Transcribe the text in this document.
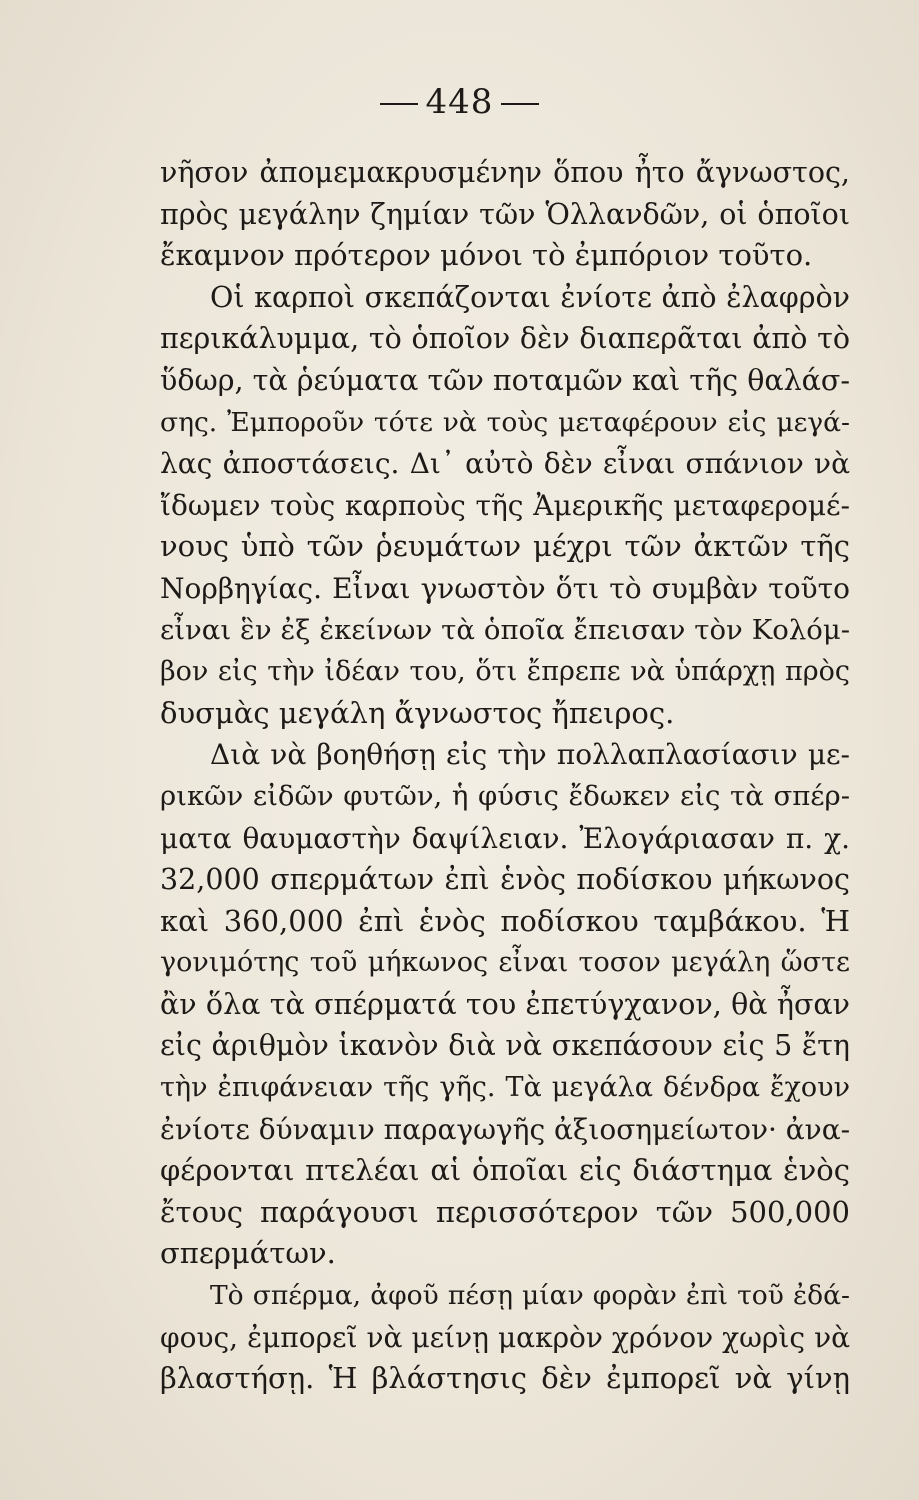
448
νῆσον ἀπομεμακρυσμένην ὅπου ἦτο ἄγνωστος,
πρὸς μεγάλην ζημίαν τῶν Ὁλλανδῶν, οἱ ὁποῖοι
ἔκαμνον πρότερον μόνοι τὸ ἐμπόριον τοῦτο.
Οἱ καρποὶ σκεπάζονται ἐνίοτε ἀπὸ ἐλαφρὸν
περικάλυμμα, τὸ ὁποῖον δὲν διαπερᾶται ἀπὸ τὸ
ὕδωρ, τὰ ῥεύματα τῶν ποταμῶν καὶ τῆς θαλάσ-
σης. Ἐμποροῦν τότε νὰ τοὺς μεταφέρουν εἰς μεγά-
λας ἀποστάσεις. Δι᾽ αὐτὸ δὲν εἶναι σπάνιον νὰ
ἴδωμεν τοὺς καρποὺς τῆς Ἀμερικῆς μεταφερομέ-
νους ὑπὸ τῶν ῥευμάτων μέχρι τῶν ἀκτῶν τῆς
Νορβηγίας. Εἶναι γνωστὸν ὅτι τὸ συμβὰν τοῦτο
εἶναι ἓν ἐξ ἐκείνων τὰ ὁποῖα ἔπεισαν τὸν Κολόμ-
βον εἰς τὴν ἰδέαν του, ὅτι ἔπρεπε νὰ ὑπάρχῃ πρὸς
δυσμὰς μεγάλη ἄγνωστος ἤπειρος.
Διὰ νὰ βοηθήσῃ εἰς τὴν πολλαπλασίασιν με-
ρικῶν εἰδῶν φυτῶν, ἡ φύσις ἔδωκεν εἰς τὰ σπέρ-
ματα θαυμαστὴν δαψίλειαν. Ἐλογάριασαν π. χ.
32,000 σπερμάτων ἐπὶ ἑνὸς ποδίσκου μήκωνος
καὶ 360,000 ἐπὶ ἑνὸς ποδίσκου ταμβάκου. Ἡ
γονιμότης τοῦ μήκωνος εἶναι τοσον μεγάλη ὥστε
ἂν ὅλα τὰ σπέρματά του ἐπετύγχανον, θὰ ἦσαν
εἰς ἀριθμὸν ἱκανὸν διὰ νὰ σκεπάσουν εἰς 5 ἔτη
τὴν ἐπιφάνειαν τῆς γῆς. Τὰ μεγάλα δένδρα ἔχουν
ἐνίοτε δύναμιν παραγωγῆς ἀξιοσημείωτον· ἀνα-
φέρονται πτελέαι αἱ ὁποῖαι εἰς διάστημα ἑνὸς
ἔτους παράγουσι περισσότερον τῶν 500,000
σπερμάτων.
Τὸ σπέρμα, ἀφοῦ πέσῃ μίαν φορὰν ἐπὶ τοῦ ἐδά-
φους, ἐμπορεῖ νὰ μείνῃ μακρὸν χρόνον χωρὶς νὰ
βλαστήσῃ. Ἡ βλάστησις δὲν ἐμπορεῖ νὰ γίνῃ
